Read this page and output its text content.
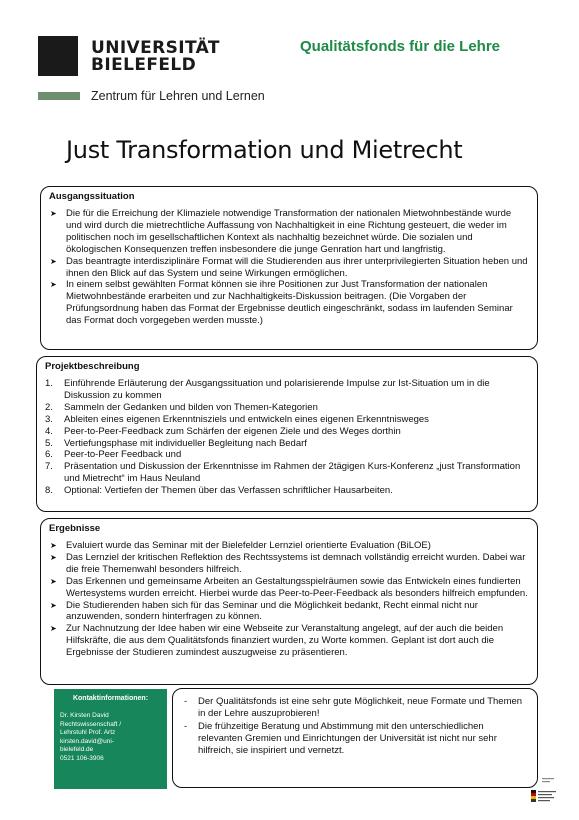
UNIVERSITÄT
BIELEFELD
Zentrum für Lehren und Lernen
Qualitätsfonds für die Lehre
Just Transformation und Mietrecht
Ausgangssituation
➤ Die für die Erreichung der Klimaziele notwendige Transformation der nationalen Mietwohnbestände wurde und wird durch die mietrechtliche Auffassung von Nachhaltigkeit in eine Richtung gesteuert, die weder im politischen noch im gesellschaftlichen Kontext als nachhaltig bezeichnet würde. Die sozialen und ökologischen Konsequenzen treffen insbesondere die junge Genration hart und langfristig.
➤ Das beantragte interdisziplinäre Format will die Studierenden aus ihrer unterprivilegierten Situation heben und ihnen den Blick auf das System und seine Wirkungen ermöglichen.
➤ In einem selbst gewählten Format können sie ihre Positionen zur Just Transformation der nationalen Mietwohnbestände erarbeiten und zur Nachhaltigkeits-Diskussion beitragen. (Die Vorgaben der Prüfungsordnung haben das Format der Ergebnisse deutlich eingeschränkt, sodass im laufenden Seminar das Format doch vorgegeben werden musste.)
Projektbeschreibung
1. Einführende Erläuterung der Ausgangssituation und polarisierende Impulse zur Ist-Situation um in die Diskussion zu kommen
2. Sammeln der Gedanken und bilden von Themen-Kategorien
3. Ableiten eines eigenen Erkenntnisziels und entwickeln eines eigenen Erkenntnisweges
4. Peer-to-Peer-Feedback zum Schärfen der eigenen Ziele und des Weges dorthin
5. Vertiefungsphase mit individueller Begleitung nach Bedarf
6. Peer-to-Peer Feedback und
7. Präsentation und Diskussion der Erkenntnisse im Rahmen der 2tägigen Kurs-Konferenz „just Transformation und Mietrecht“ im Haus Neuland
8. Optional: Vertiefen der Themen über das Verfassen schriftlicher Hausarbeiten.
Ergebnisse
➤ Evaluiert wurde das Seminar mit der Bielefelder Lernziel orientierte Evaluation (BiLOE)
➤ Das Lernziel der kritischen Reflektion des Rechtssystems ist demnach vollständig erreicht wurden. Dabei war die freie Themenwahl besonders hilfreich.
➤ Das Erkennen und gemeinsame Arbeiten an Gestaltungsspielräumen sowie das Entwickeln eines fundierten Wertesystems wurden erreicht. Hierbei wurde das Peer-to-Peer-Feedback als besonders hilfreich empfunden.
➤ Die Studierenden haben sich für das Seminar und die Möglichkeit bedankt, Recht einmal nicht nur anzuwenden, sondern hinterfragen zu können.
➤ Zur Nachnutzung der Idee haben wir eine Webseite zur Veranstaltung angelegt, auf der auch die beiden Hilfskräfte, die aus dem Qualitätsfonds finanziert wurden, zu Worte kommen. Geplant ist dort auch die Ergebnisse der Studieren zumindest auszugweise zu präsentieren.
Kontaktinformationen:
Dr. Kirsten David
Rechtswissenschaft /
Lehrstuhl Prof. Artz
kirsten.david@uni-
bielefeld.de
0521 106-3906
- Der Qualitätsfonds ist eine sehr gute Möglichkeit, neue Formate und Themen in der Lehre auszuprobieren!
- Die frühzeitige Beratung und Abstimmung mit den unterschiedlichen relevanten Gremien und Einrichtungen der Universität ist nicht nur sehr hilfreich, sie inspiriert und vernetzt.
